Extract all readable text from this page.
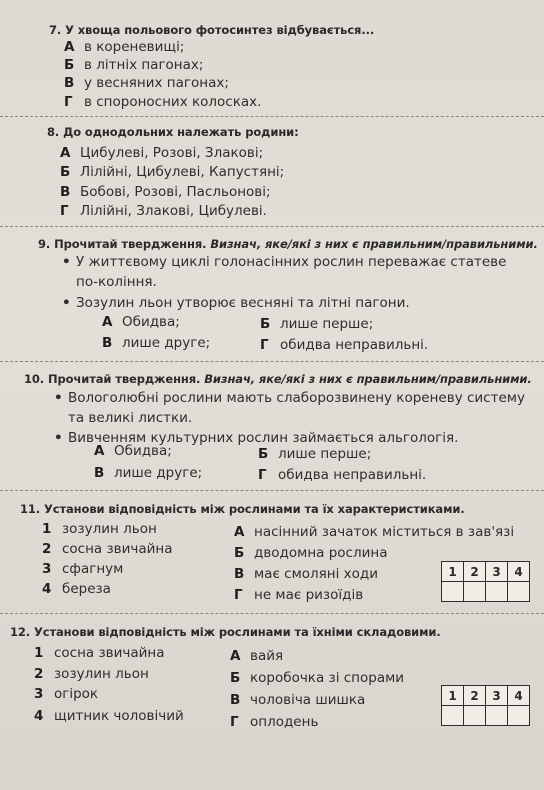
7. У хвоща польового фотосинтез відбувається...
А в кореневищі;
Б в літніх пагонах;
В у весняних пагонах;
Г в спороносних колосках.
8. До однодольних належать родини:
А Цибулеві, Розові, Злакові;
Б Лілійні, Цибулеві, Капустяні;
В Бобові, Розові, Пасльонові;
Г Лілійні, Злакові, Цибулеві.
9. Прочитай твердження. Визнач, яке/які з них є правильним/правильними.
• У життєвому циклі голонасінних рослин переважає статеве по-коління.
• Зозулин льон утворює весняні та літні пагони.
А Обидва;	Б лише перше;
В лише друге;	Г обидва неправильні.
10. Прочитай твердження. Визнач, яке/які з них є правильним/правильними.
• Вологолюбні рослини мають слаборозвинену кореневу систему та великі листки.
• Вивченням культурних рослин займається альгологія.
А Обидва;	Б лише перше;
В лише друге;	Г обидва неправильні.
11. Установи відповідність між рослинами та їх характеристиками.
1 зозулин льон
2 сосна звичайна
3 сфагнум
4 береза
А насінний зачаток міститься в зав'язі
Б дводомна рослина
В має смоляні ходи
Г не має ризоїдів
1	2	3	4

12. Установи відповідність між рослинами та їхніми складовими.
1 сосна звичайна
2 зозулин льон
3 огірок
4 щитник чоловічий
А вайя
Б коробочка зі спорами
В чоловіча шишка
Г оплодень
1	2	3	4
